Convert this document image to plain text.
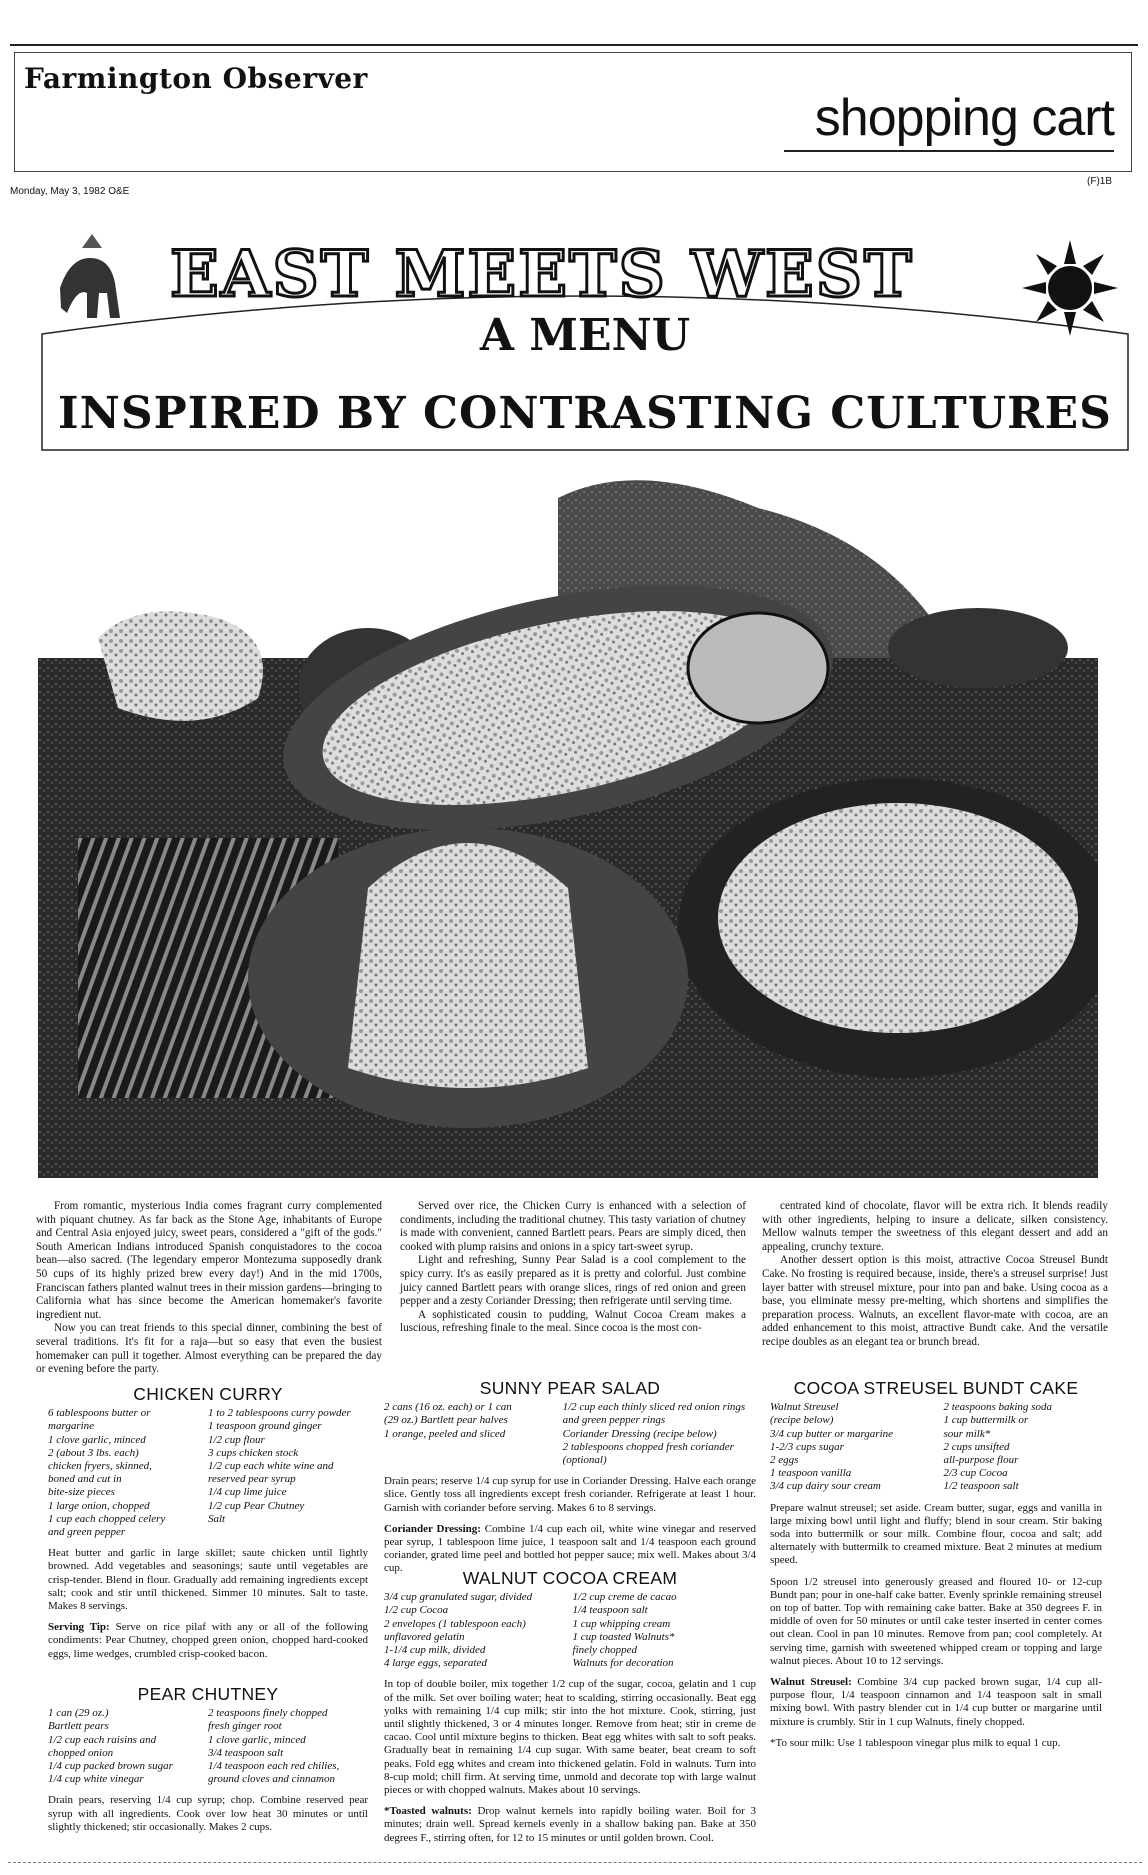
Farmington Observer
shopping cart
Monday, May 3, 1982 O&E
(F)1B
EAST MEETS WEST
A MENU
INSPIRED BY CONTRASTING CULTURES

From romantic, mysterious India comes fragrant curry complemented with piquant chutney. As far back as the Stone Age, inhabitants of Europe and Central Asia enjoyed juicy, sweet pears, considered a "gift of the gods." South American Indians introduced Spanish conquistadores to the cocoa bean—also sacred. (The legendary emperor Montezuma supposedly drank 50 cups of its highly prized brew every day!) And in the mid 1700s, Franciscan fathers planted walnut trees in their mission gardens—bringing to California what has since become the American homemaker's favorite ingredient nut.

Now you can treat friends to this special dinner, combining the best of several traditions. It's fit for a raja—but so easy that even the busiest homemaker can pull it together. Almost everything can be prepared the day or evening before the party.

Served over rice, the Chicken Curry is enhanced with a selection of condiments, including the traditional chutney. This tasty variation of chutney is made with convenient, canned Bartlett pears. Pears are simply diced, then cooked with plump raisins and onions in a spicy tart-sweet syrup.

Light and refreshing, Sunny Pear Salad is a cool complement to the spicy curry. It's as easily prepared as it is pretty and colorful. Just combine juicy canned Bartlett pears with orange slices, rings of red onion and green pepper and a zesty Coriander Dressing; then refrigerate until serving time.

A sophisticated cousin to pudding, Walnut Cocoa Cream makes a luscious, refreshing finale to the meal. Since cocoa is the most con-

centrated kind of chocolate, flavor will be extra rich. It blends readily with other ingredients, helping to insure a delicate, silken consistency. Mellow walnuts temper the sweetness of this elegant dessert and add an appealing, crunchy texture.

Another dessert option is this moist, attractive Cocoa Streusel Bundt Cake. No frosting is required because, inside, there's a streusel surprise! Just layer batter with streusel mixture, pour into pan and bake. Using cocoa as a base, you eliminate messy pre-melting, which shortens and simplifies the preparation process. Walnuts, an excellent flavor-mate with cocoa, are an added enhancement to this moist, attractive Bundt cake. And the versatile recipe doubles as an elegant tea or brunch bread.

CHICKEN CURRY
6 tablespoons butter or
margarine
1 clove garlic, minced
2 (about 3 lbs. each)
chicken fryers, skinned,
boned and cut in
bite-size pieces
1 large onion, chopped
1 cup each chopped celery
and green pepper
1 to 2 tablespoons curry powder
1 teaspoon ground ginger
1/2 cup flour
3 cups chicken stock
1/2 cup each white wine and
reserved pear syrup
1/4 cup lime juice
1/2 cup Pear Chutney
Salt

Heat butter and garlic in large skillet; saute chicken until lightly browned. Add vegetables and seasonings; saute until vegetables are crisp-tender. Blend in flour. Gradually add remaining ingredients except salt; cook and stir until thickened. Simmer 10 minutes. Salt to taste. Makes 8 servings.

Serving Tip: Serve on rice pilaf with any or all of the following condiments: Pear Chutney, chopped green onion, chopped hard-cooked eggs, lime wedges, crumbled crisp-cooked bacon.

PEAR CHUTNEY
1 can (29 oz.)
Bartlett pears
1/2 cup each raisins and
chopped onion
1/4 cup packed brown sugar
1/4 cup white vinegar
2 teaspoons finely chopped
fresh ginger root
1 clove garlic, minced
3/4 teaspoon salt
1/4 teaspoon each red chilies,
ground cloves and cinnamon

Drain pears, reserving 1/4 cup syrup; chop. Combine reserved pear syrup with all ingredients. Cook over low heat 30 minutes or until slightly thickened; stir occasionally. Makes 2 cups.

SUNNY PEAR SALAD
2 cans (16 oz. each) or 1 can
(29 oz.) Bartlett pear halves
1 orange, peeled and sliced
1/2 cup each thinly sliced red onion rings
and green pepper rings
Coriander Dressing (recipe below)
2 tablespoons chopped fresh coriander
(optional)

Drain pears; reserve 1/4 cup syrup for use in Coriander Dressing. Halve each orange slice. Gently toss all ingredients except fresh coriander. Refrigerate at least 1 hour. Garnish with coriander before serving. Makes 6 to 8 servings.

Coriander Dressing: Combine 1/4 cup each oil, white wine vinegar and reserved pear syrup, 1 tablespoon lime juice, 1 teaspoon salt and 1/4 teaspoon each ground coriander, grated lime peel and bottled hot pepper sauce; mix well. Makes about 3/4 cup.	WALNUT COCOA CREAM
3/4 cup granulated sugar, divided
1/2 cup Cocoa
2 envelopes (1 tablespoon each)
unflavored gelatin
1-1/4 cup milk, divided
4 large eggs, separated
1/2 cup creme de cacao
1/4 teaspoon salt
1 cup whipping cream
1 cup toasted Walnuts*
finely chopped
Walnuts for decoration

In top of double boiler, mix together 1/2 cup of the sugar, cocoa, gelatin and 1 cup of the milk. Set over boiling water; heat to scalding, stirring occasionally. Beat egg yolks with remaining 1/4 cup milk; stir into the hot mixture. Cook, stirring, just until slightly thickened, 3 or 4 minutes longer. Remove from heat; stir in creme de cacao. Cool until mixture begins to thicken. Beat egg whites with salt to soft peaks. Gradually beat in remaining 1/4 cup sugar. With same beater, beat cream to soft peaks. Fold egg whites and cream into thickened gelatin. Fold in walnuts. Turn into 8-cup mold; chill firm. At serving time, unmold and decorate top with large walnut pieces or with chopped walnuts. Makes about 10 servings.

*Toasted walnuts: Drop walnut kernels into rapidly boiling water. Boil for 3 minutes; drain well. Spread kernels evenly in a shallow baking pan. Bake at 350 degrees F., stirring often, for 12 to 15 minutes or until golden brown. Cool.

COCOA STREUSEL BUNDT CAKE
Walnut Streusel
(recipe below)
3/4 cup butter or margarine
1-2/3 cups sugar
2 eggs
1 teaspoon vanilla
3/4 cup dairy sour cream
2 teaspoons baking soda
1 cup buttermilk or
sour milk*
2 cups unsifted
all-purpose flour
2/3 cup Cocoa
1/2 teaspoon salt

Prepare walnut streusel; set aside. Cream butter, sugar, eggs and vanilla in large mixing bowl until light and fluffy; blend in sour cream. Stir baking soda into buttermilk or sour milk. Combine flour, cocoa and salt; add alternately with buttermilk to creamed mixture. Beat 2 minutes at medium speed.

Spoon 1/2 streusel into generously greased and floured 10- or 12-cup Bundt pan; pour in one-half cake batter. Evenly sprinkle remaining streusel on top of batter. Top with remaining cake batter. Bake at 350 degrees F. in middle of oven for 50 minutes or until cake tester inserted in center comes out clean. Cool in pan 10 minutes. Remove from pan; cool completely. At serving time, garnish with sweetened whipped cream or topping and large walnut pieces. About 10 to 12 servings.

Walnut Streusel: Combine 3/4 cup packed brown sugar, 1/4 cup all-purpose flour, 1/4 teaspoon cinnamon and 1/4 teaspoon salt in small mixing bowl. With pastry blender cut in 1/4 cup butter or margarine until mixture is crumbly. Stir in 1 cup Walnuts, finely chopped.

*To sour milk: Use 1 tablespoon vinegar plus milk to equal 1 cup.
